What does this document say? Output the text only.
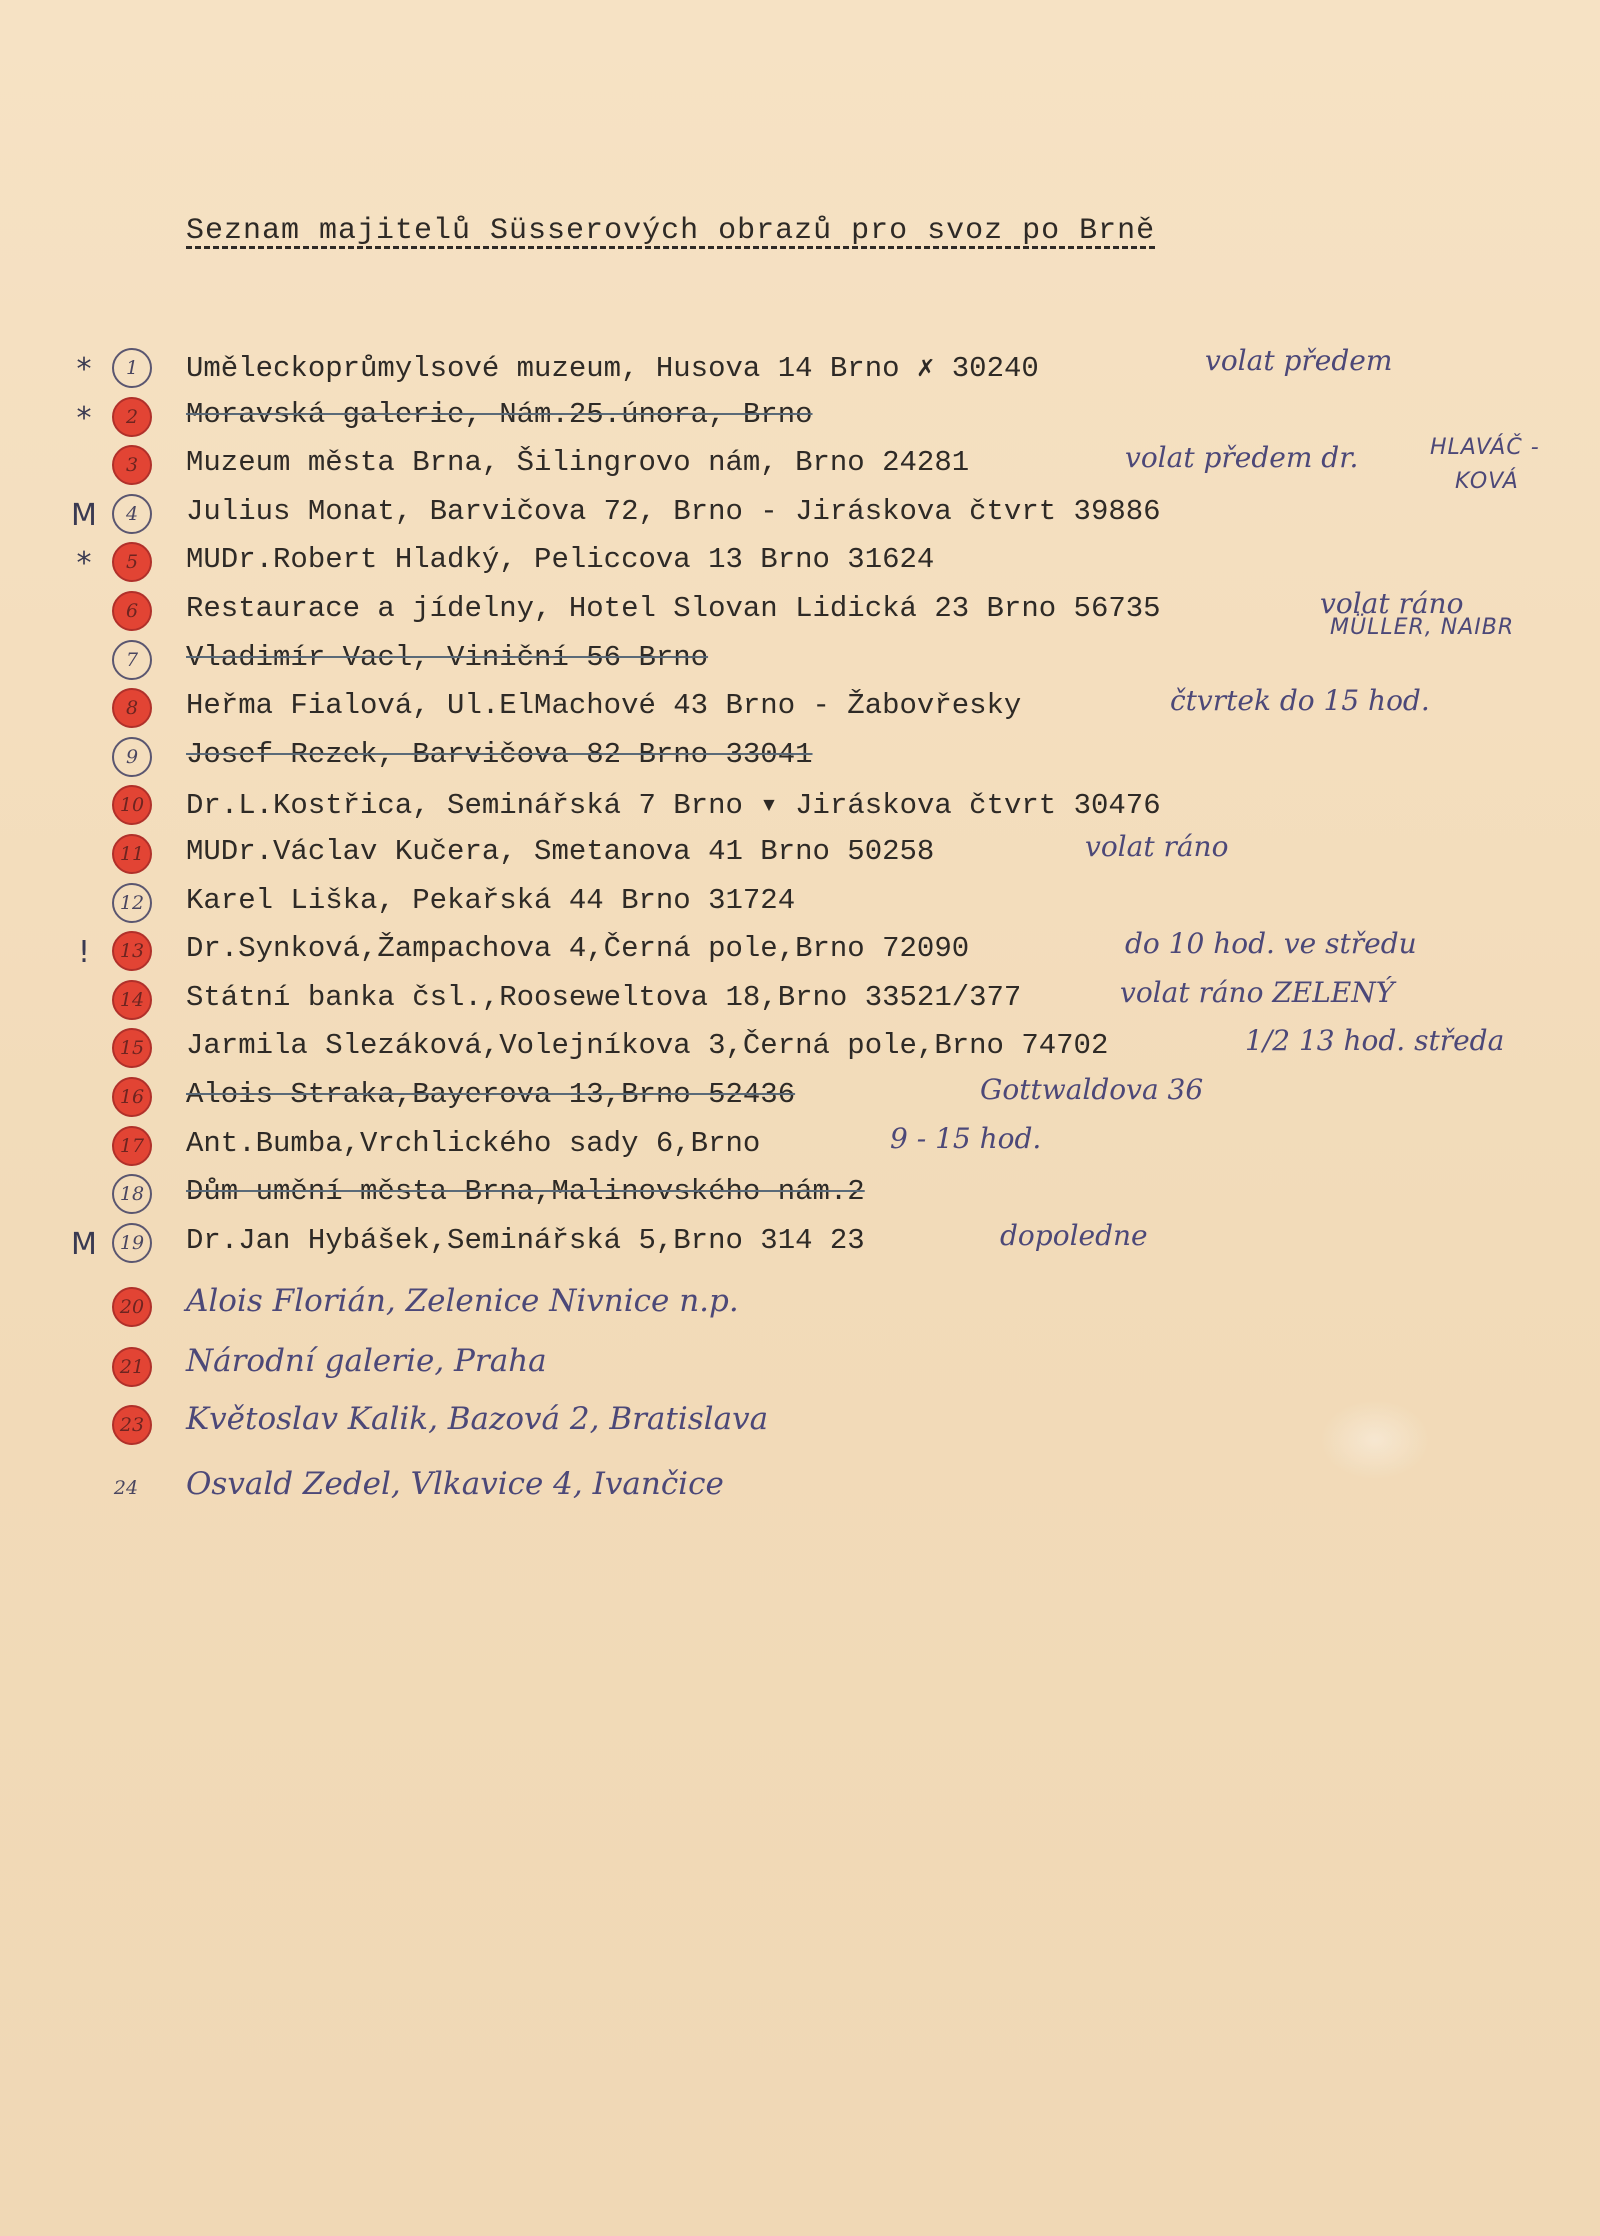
Seznam majitelů Süsserových obrazů pro svoz po Brně
*	1	Uměleckoprůmylsové muzeum, Husova 14 Brno ✗ 30240	volat předem
*	2	Moravská galerie, Nám.25.února, Brno
3	Muzeum města Brna, Šilingrovo nám, Brno 24281	volat předem dr.	HLAVÁČ -
KOVÁ
M	4	Julius Monat, Barvičova 72, Brno - Jiráskova čtvrt 39886
*	5	MUDr.Robert Hladký, Peliccova 13 Brno 31624
6	Restaurace a jídelny, Hotel Slovan Lidická 23 Brno 56735	volat ráno
MÜLLER, NAIBR
7	Vladimír Vacl, Viniční 56 Brno
8	Heřma Fialová, Ul.ElMachové 43 Brno - Žabovřesky	čtvrtek do 15 hod.
9	Josef Rezek, Barvičova 82 Brno 33041
10 Dr.L.Kostřica, Seminářská 7 Brno ▾ Jiráskova čtvrt 30476
11 MUDr.Václav Kučera, Smetanova 41 Brno 50258	volat ráno
12 Karel Liška, Pekařská 44 Brno 31724
!	13 Dr.Synková,Žampachova 4,Černá pole,Brno 72090	do 10 hod. ve středu
14 Státní banka čsl.,Rooseweltova 18,Brno 33521/377	volat ráno ZELENÝ
15 Jarmila Slezáková,Volejníkova 3,Černá pole,Brno 74702	1/2 13 hod. středa
16 Alois Straka,Bayerova 13,Brno 52436	Gottwaldova 36
17 Ant.Bumba,Vrchlického sady 6,Brno	9 - 15 hod.
18 Dům umění města Brna,Malinovského nám.2
M	19 Dr.Jan Hybášek,Seminářská 5,Brno 314 23	dopoledne
20 Alois Florián, Zelenice Nivnice n.p.
21 Národní galerie, Praha
23 Květoslav Kalik, Bazová 2, Bratislava
24 Osvald Zedel, Vlkavice 4, Ivančice
